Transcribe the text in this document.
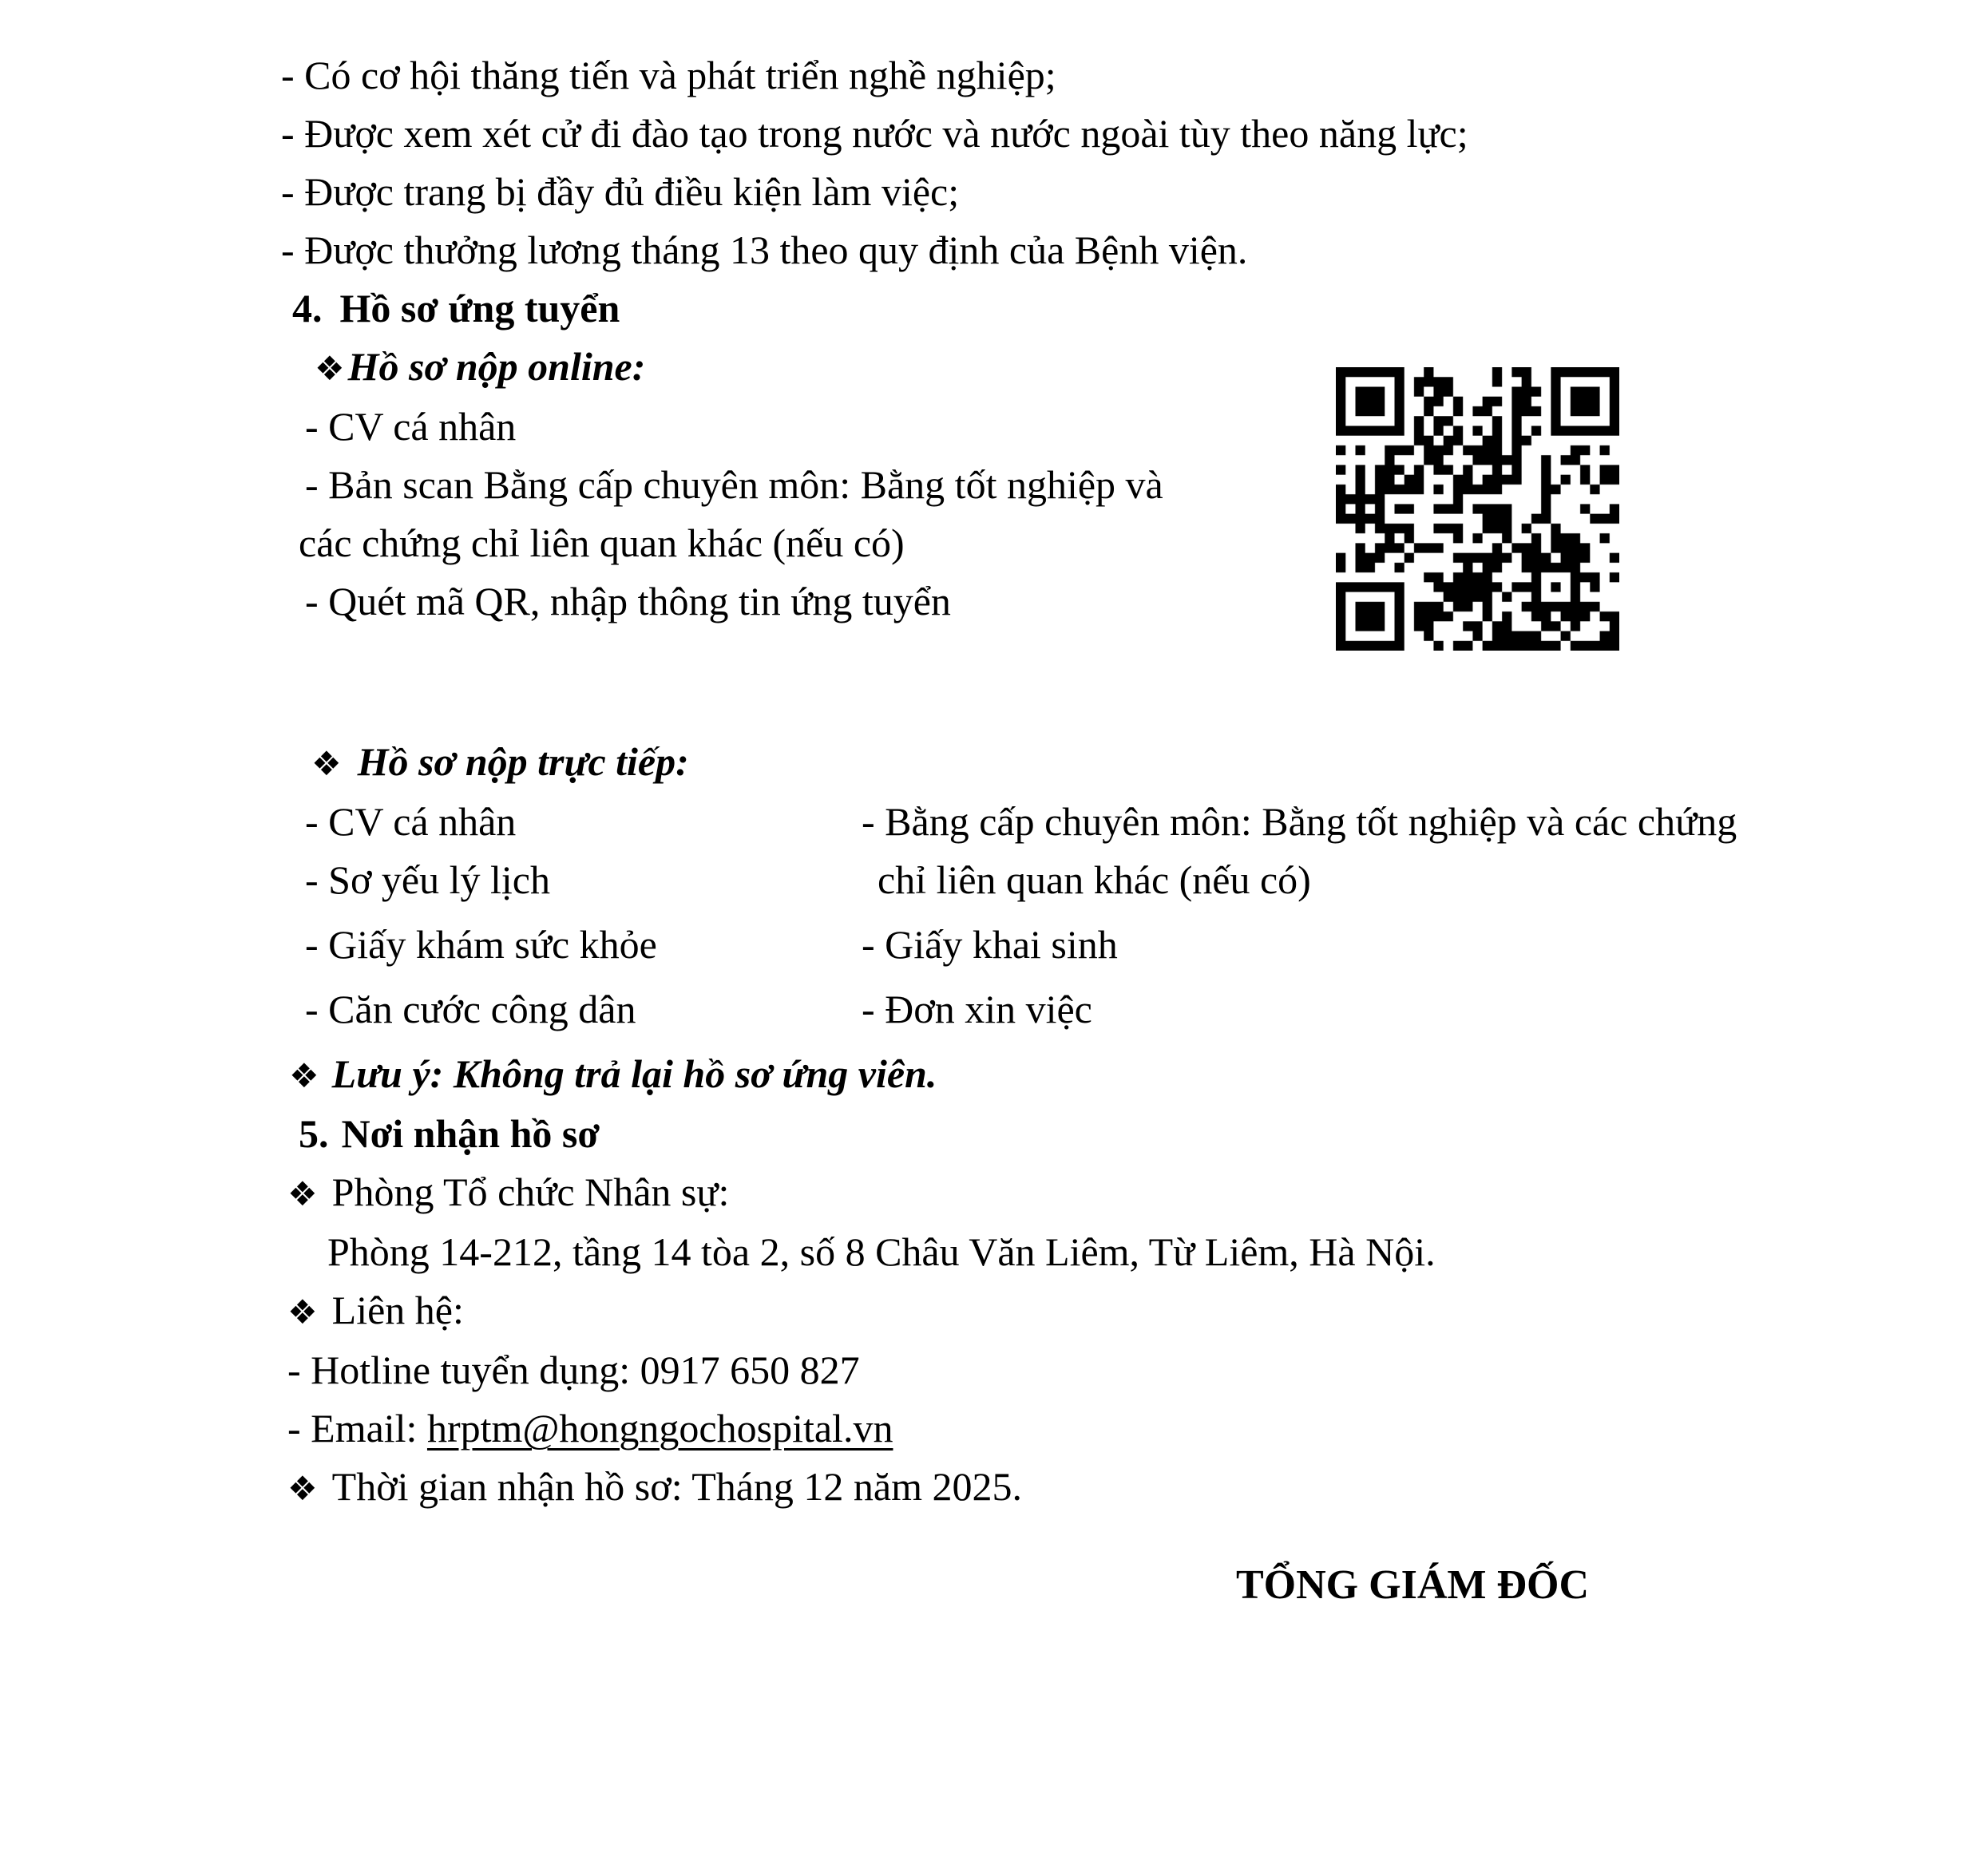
- Có cơ hội thăng tiến và phát triển nghề nghiệp;
- Được xem xét cử đi đào tạo trong nước và nước ngoài tùy theo năng lực;
- Được trang bị đầy đủ điều kiện làm việc;
- Được thưởng lương tháng 13 theo quy định của Bệnh viện.
4. Hồ sơ ứng tuyển
❖Hồ sơ nộp online:
- CV cá nhân
- Bản scan Bằng cấp chuyên môn: Bằng tốt nghiệp và
các chứng chỉ liên quan khác (nếu có)
- Quét mã QR, nhập thông tin ứng tuyển
❖ Hồ sơ nộp trực tiếp:
- CV cá nhân	- Bằng cấp chuyên môn: Bằng tốt nghiệp và các chứng
- Sơ yếu lý lịch	chỉ liên quan khác (nếu có)
- Giấy khám sức khỏe	- Giấy khai sinh
- Căn cước công dân	- Đơn xin việc
❖ Lưu ý: Không trả lại hồ sơ ứng viên.
5. Nơi nhận hồ sơ
❖ Phòng Tổ chức Nhân sự:
Phòng 14-212, tầng 14 tòa 2, số 8 Châu Văn Liêm, Từ Liêm, Hà Nội.
❖ Liên hệ:
- Hotline tuyển dụng: 0917 650 827
- Email: hrptm@hongngochospital.vn
❖ Thời gian nhận hồ sơ: Tháng 12 năm 2025.
TỔNG GIÁM ĐỐC
